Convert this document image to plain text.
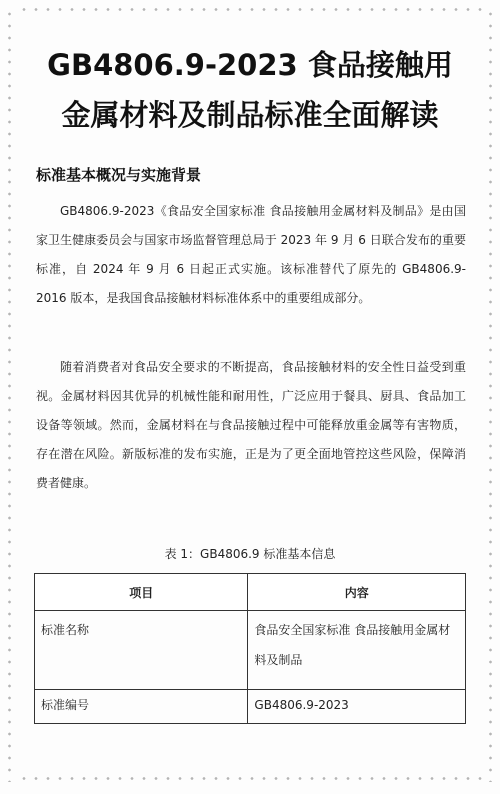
GB4806.9-2023 食品接触用
金属材料及制品标准全面解读
标准基本概况与实施背景

GB4806.9-2023《食品安全国家标准 食品接触用金属材料及制品》是由国家卫生健康委员会与国家市场监督管理总局于 2023 年 9 月 6 日联合发布的重要标准，自 2024 年 9 月 6 日起正式实施。该标准替代了原先的 GB4806.9-2016 版本，是我国食品接触材料标准体系中的重要组成部分。

随着消费者对食品安全要求的不断提高，食品接触材料的安全性日益受到重视。金属材料因其优异的机械性能和耐用性，广泛应用于餐具、厨具、食品加工设备等领域。然而，金属材料在与食品接触过程中可能释放重金属等有害物质，存在潜在风险。新版标准的发布实施，正是为了更全面地管控这些风险，保障消费者健康。

表 1：GB4806.9 标准基本信息
项目	内容
标准名称	食品安全国家标准 食品接触用金属材料及制品
标准编号	GB4806.9-2023
